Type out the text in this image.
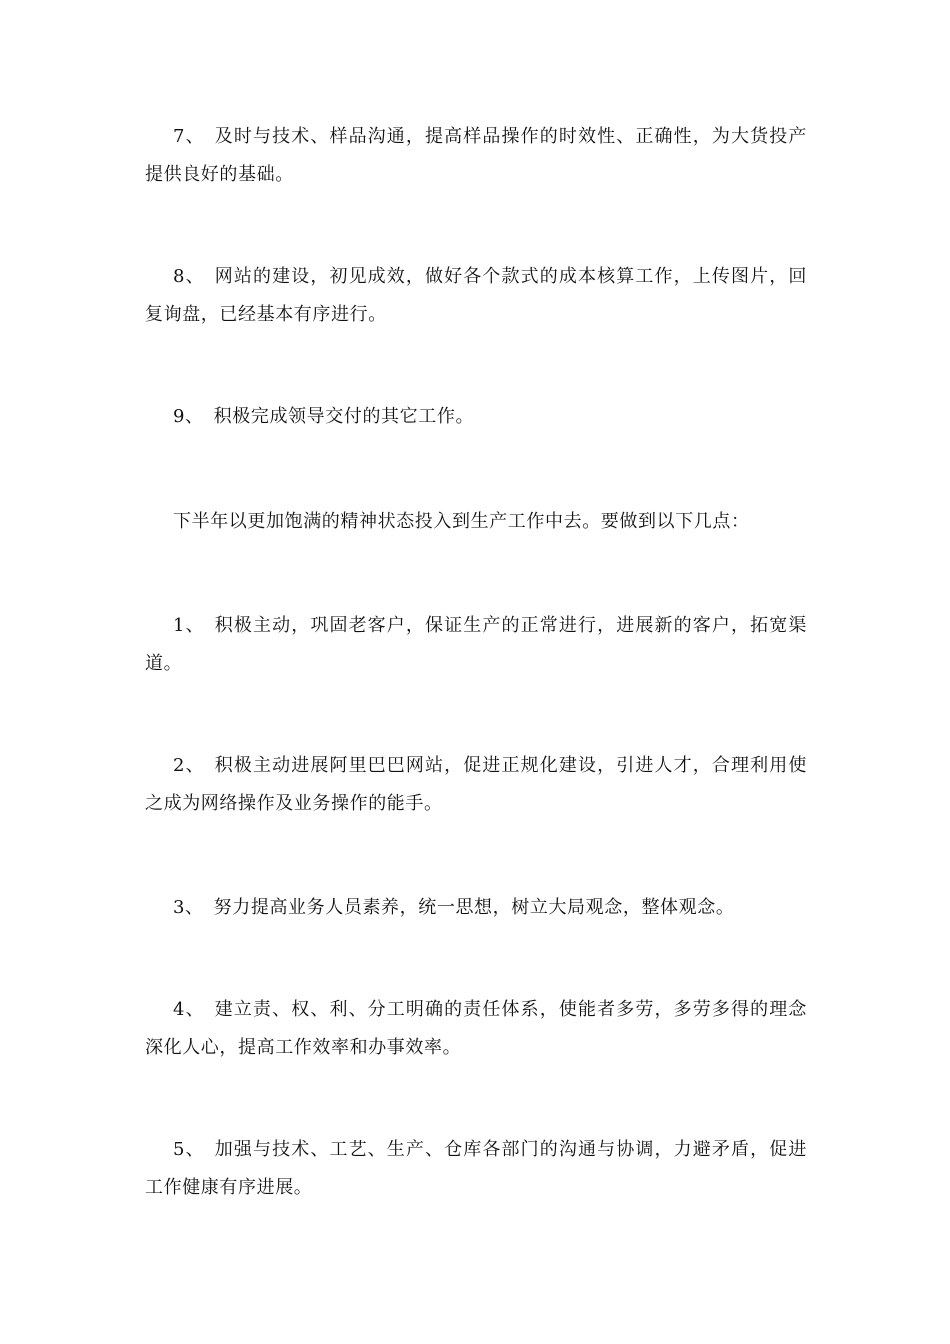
7、 及时与技术、样品沟通，提高样品操作的时效性、正确性，为大货投产提供良好的基础。

8、 网站的建设，初见成效，做好各个款式的成本核算工作，上传图片，回复询盘，已经基本有序进行。

9、 积极完成领导交付的其它工作。

下半年以更加饱满的精神状态投入到生产工作中去。要做到以下几点：

1、 积极主动，巩固老客户，保证生产的正常进行，进展新的客户，拓宽渠道。

2、 积极主动进展阿里巴巴网站，促进正规化建设，引进人才，合理利用使之成为网络操作及业务操作的能手。

3、 努力提高业务人员素养，统一思想，树立大局观念，整体观念。

4、 建立责、权、利、分工明确的责任体系，使能者多劳，多劳多得的理念深化人心，提高工作效率和办事效率。

5、 加强与技术、工艺、生产、仓库各部门的沟通与协调，力避矛盾，促进工作健康有序进展。
